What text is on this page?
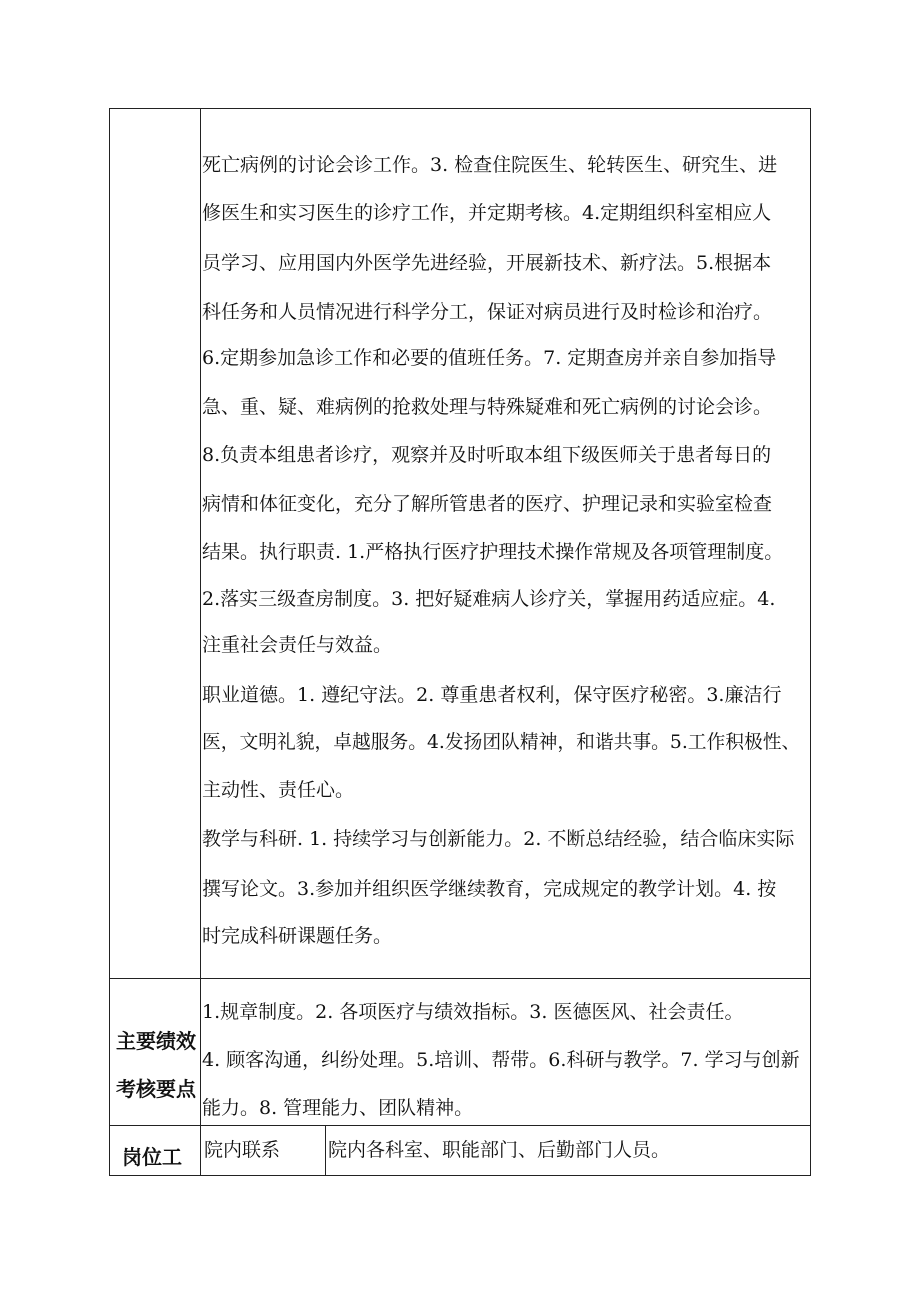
死亡病例的讨论会诊工作。3. 检查住院医生、轮转医生、研究生、进
修医生和实习医生的诊疗工作，并定期考核。4.定期组织科室相应人
员学习、应用国内外医学先进经验，开展新技术、新疗法。5.根据本
科任务和人员情况进行科学分工，保证对病员进行及时检诊和治疗。
6.定期参加急诊工作和必要的值班任务。7. 定期查房并亲自参加指导
急、重、疑、难病例的抢救处理与特殊疑难和死亡病例的讨论会诊。
8.负责本组患者诊疗，观察并及时听取本组下级医师关于患者每日的
病情和体征变化，充分了解所管患者的医疗、护理记录和实验室检查
结果。执行职责. 1.严格执行医疗护理技术操作常规及各项管理制度。
2.落实三级查房制度。3. 把好疑难病人诊疗关，掌握用药适应症。4.
注重社会责任与效益。
职业道德。1. 遵纪守法。2. 尊重患者权利，保守医疗秘密。3.廉洁行
医，文明礼貌，卓越服务。4.发扬团队精神，和谐共事。5.工作积极性、
主动性、责任心。
教学与科研. 1. 持续学习与创新能力。2. 不断总结经验，结合临床实际
撰写论文。3.参加并组织医学继续教育，完成规定的教学计划。4. 按
时完成科研课题任务。
主要绩效
考核要点
1.规章制度。2. 各项医疗与绩效指标。3. 医德医风、社会责任。
4. 顾客沟通，纠纷处理。5.培训、帮带。6.科研与教学。7. 学习与创新
能力。8. 管理能力、团队精神。
岗位工 院内联系	院内各科室、职能部门、后勤部门人员。
